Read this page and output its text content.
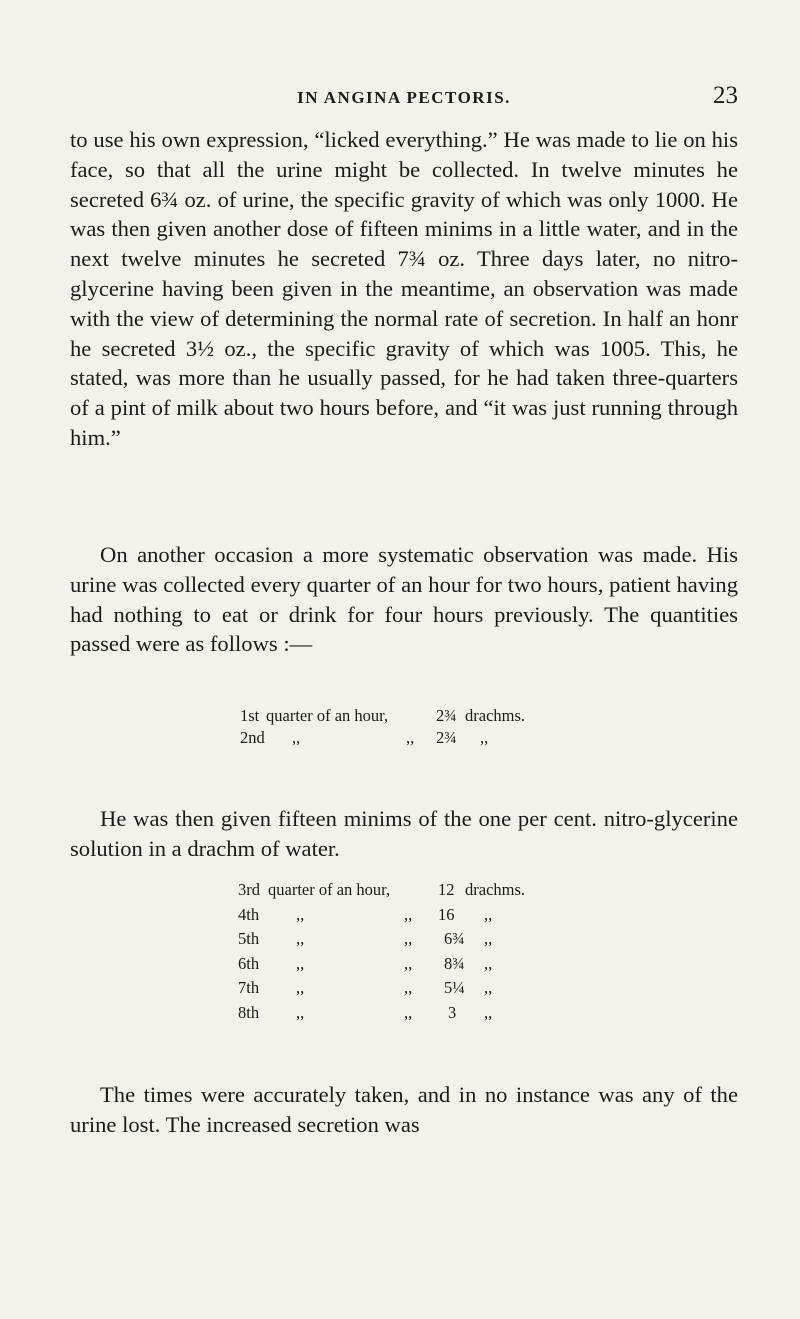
IN ANGINA PECTORIS.	23

to use his own expression, “licked everything.” He was made to lie on his face, so that all the urine might be collected. In twelve minutes he secreted 6¾ oz. of urine, the specific gravity of which was only 1000. He was then given another dose of fifteen minims in a little water, and in the next twelve minutes he secreted 7¾ oz. Three days later, no nitro-glycerine having been given in the meantime, an observation was made with the view of determining the normal rate of secretion. In half an honr he secreted 3½ oz., the specific gravity of which was 1005. This, he stated, was more than he usually passed, for he had taken three-quarters of a pint of milk about two hours before, and “it was just running through him.”

On another occasion a more systematic observation was made. His urine was collected every quarter of an hour for two hours, patient having had nothing to eat or drink for four hours previously. The quantities passed were as follows :—

1st quarter of an hour,	2¾ drachms.
2nd ,,	,, 2¾ ,,

He was then given fifteen minims of the one per cent. nitro-glycerine solution in a drachm of water.

3rd quarter of an hour,	12 drachms.
4th ,,	,, 16 ,,
5th ,,	,, 6¾ ,,
6th ,,	,, 8¾ ,,
7th ,,	,, 5¼ ,,
8th ,,	,, 3 ,,

The times were accurately taken, and in no instance was any of the urine lost. The increased secretion was
